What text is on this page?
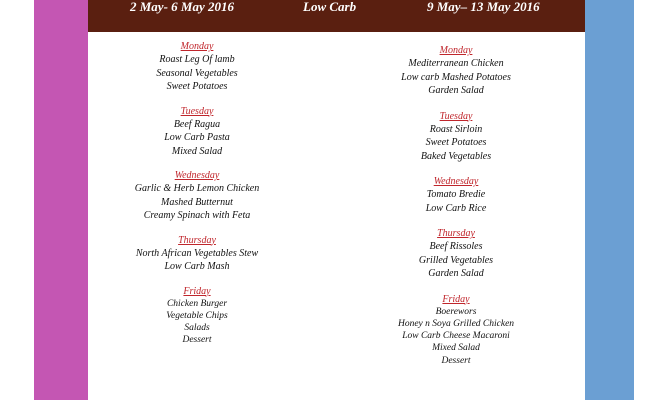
2 May- 6 May 2016	Low Carb	9 May– 13 May 2016
Monday
Roast Leg Of lamb
Seasonal Vegetables
Sweet Potatoes
Tuesday
Beef Ragua
Low Carb Pasta
Mixed Salad
Wednesday
Garlic & Herb Lemon Chicken
Mashed Butternut
Creamy Spinach with Feta
Thursday
North African Vegetables Stew
Low Carb Mash
Friday
Chicken Burger
Vegetable Chips
Salads
Dessert
Monday
Mediterranean Chicken
Low carb Mashed Potatoes
Garden Salad
Tuesday
Roast Sirloin
Sweet Potatoes
Baked Vegetables
Wednesday
Tomato Bredie
Low Carb Rice
Thursday
Beef Rissoles
Grilled Vegetables
Garden Salad
Friday
Boerewors
Honey n Soya Grilled Chicken
Low Carb Cheese Macaroni
Mixed Salad
Dessert
